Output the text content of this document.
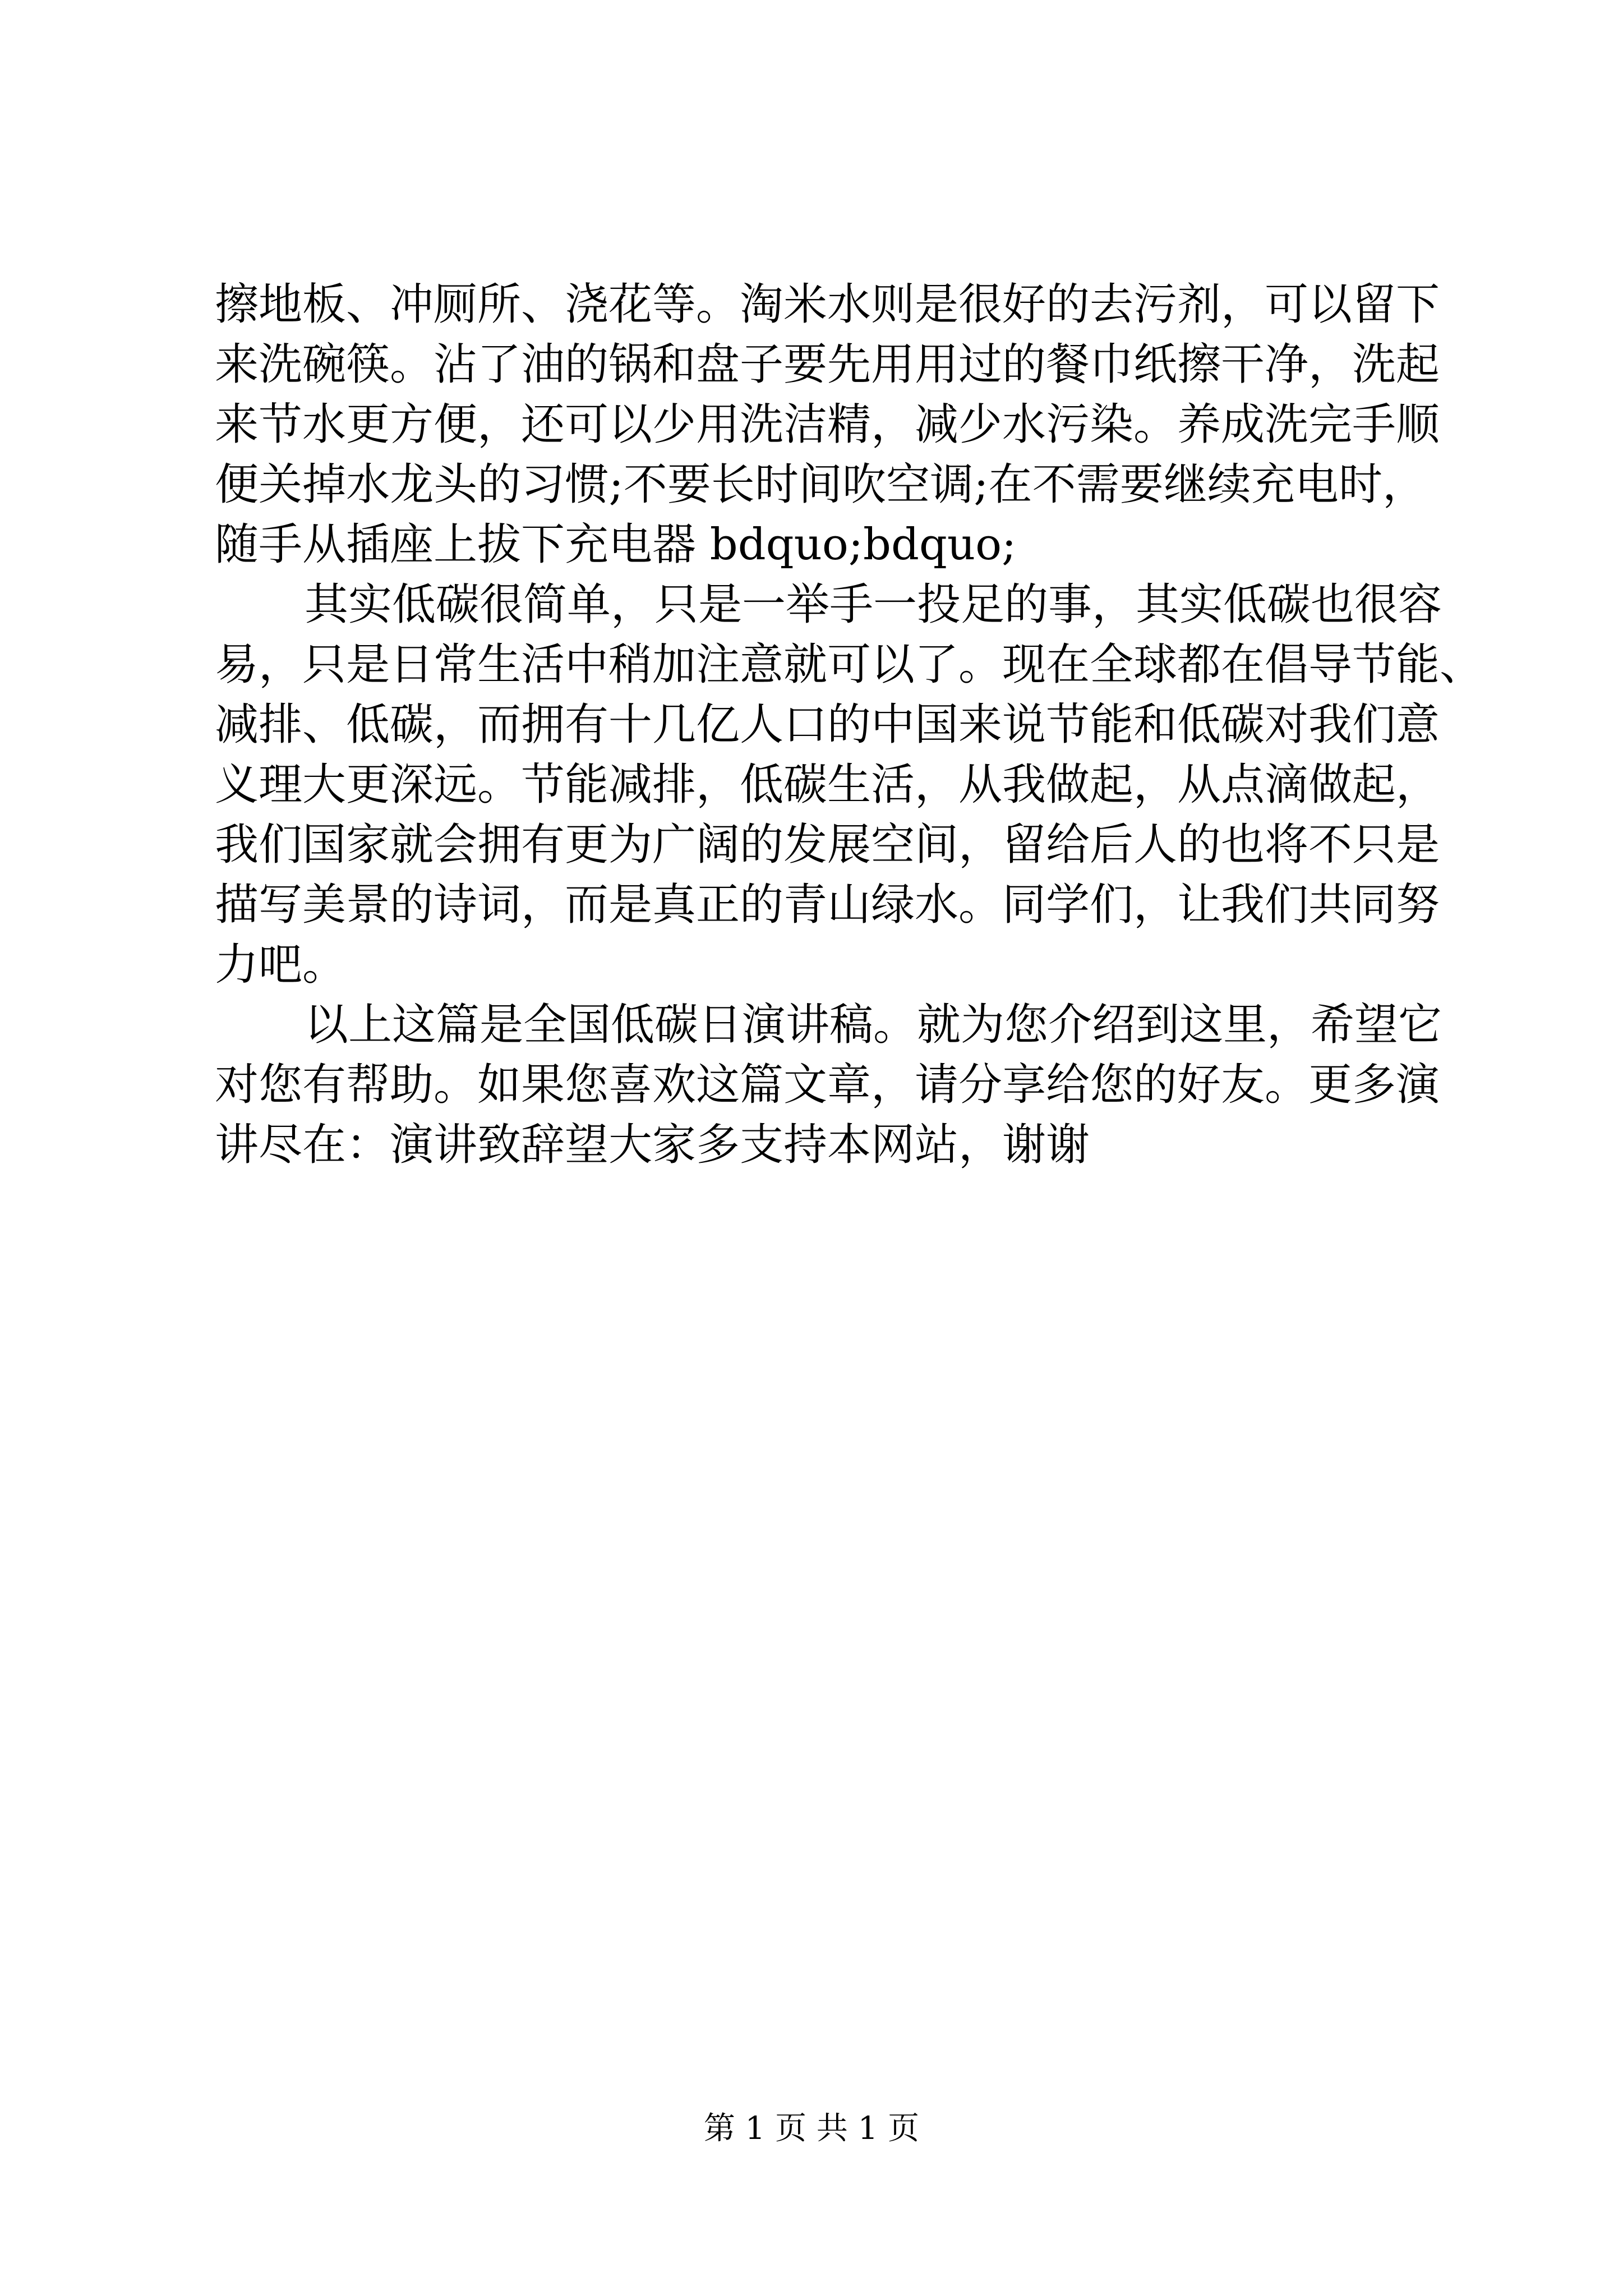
擦地板、冲厕所、浇花等。淘米水则是很好的去污剂，可以留下
来洗碗筷。沾了油的锅和盘子要先用用过的餐巾纸擦干净，洗起
来节水更方便，还可以少用洗洁精，减少水污染。养成洗完手顺
便关掉水龙头的习惯;不要长时间吹空调;在不需要继续充电时，
随手从插座上拔下充电器 bdquo;bdquo;
其实低碳很简单，只是一举手一投足的事，其实低碳也很容
易，只是日常生活中稍加注意就可以了。现在全球都在倡导节能、
减排、低碳，而拥有十几亿人口的中国来说节能和低碳对我们意
义理大更深远。节能减排，低碳生活，从我做起，从点滴做起，
我们国家就会拥有更为广阔的发展空间，留给后人的也将不只是
描写美景的诗词，而是真正的青山绿水。同学们，让我们共同努
力吧。
以上这篇是全国低碳日演讲稿。就为您介绍到这里，希望它
对您有帮助。如果您喜欢这篇文章，请分享给您的好友。更多演
讲尽在：演讲致辞望大家多支持本网站，谢谢
第 1 页 共 1 页
